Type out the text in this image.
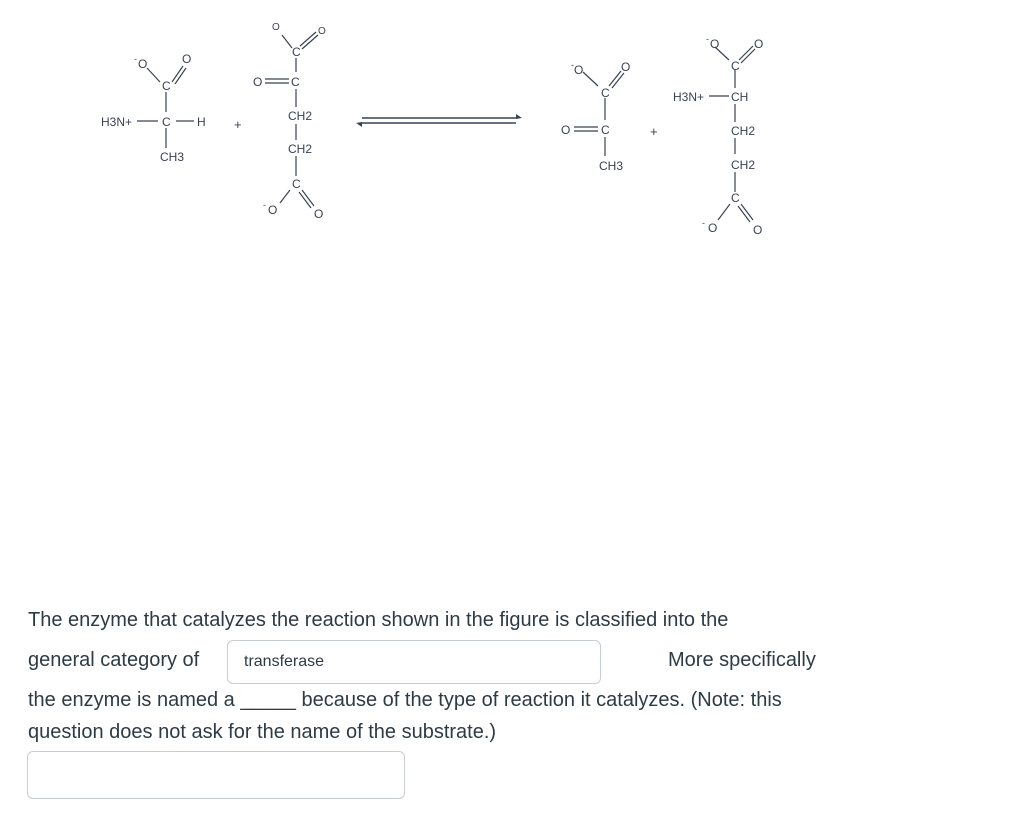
O
-	O
C
H3N+ C H
CH3
+
O	O
C
O C
CH2
CH2
C
O
-
O
O
-	O
C
O	C
CH3
+
O
-	O
C
H3N+ CH
CH2
CH2
C
O
-	O
The enzyme that catalyzes the reaction shown in the figure is classified into the
general category of	More specifically
the enzyme is named a _____ because of the type of reaction it catalyzes. (Note: this
question does not ask for the name of the substrate.)
transferase
